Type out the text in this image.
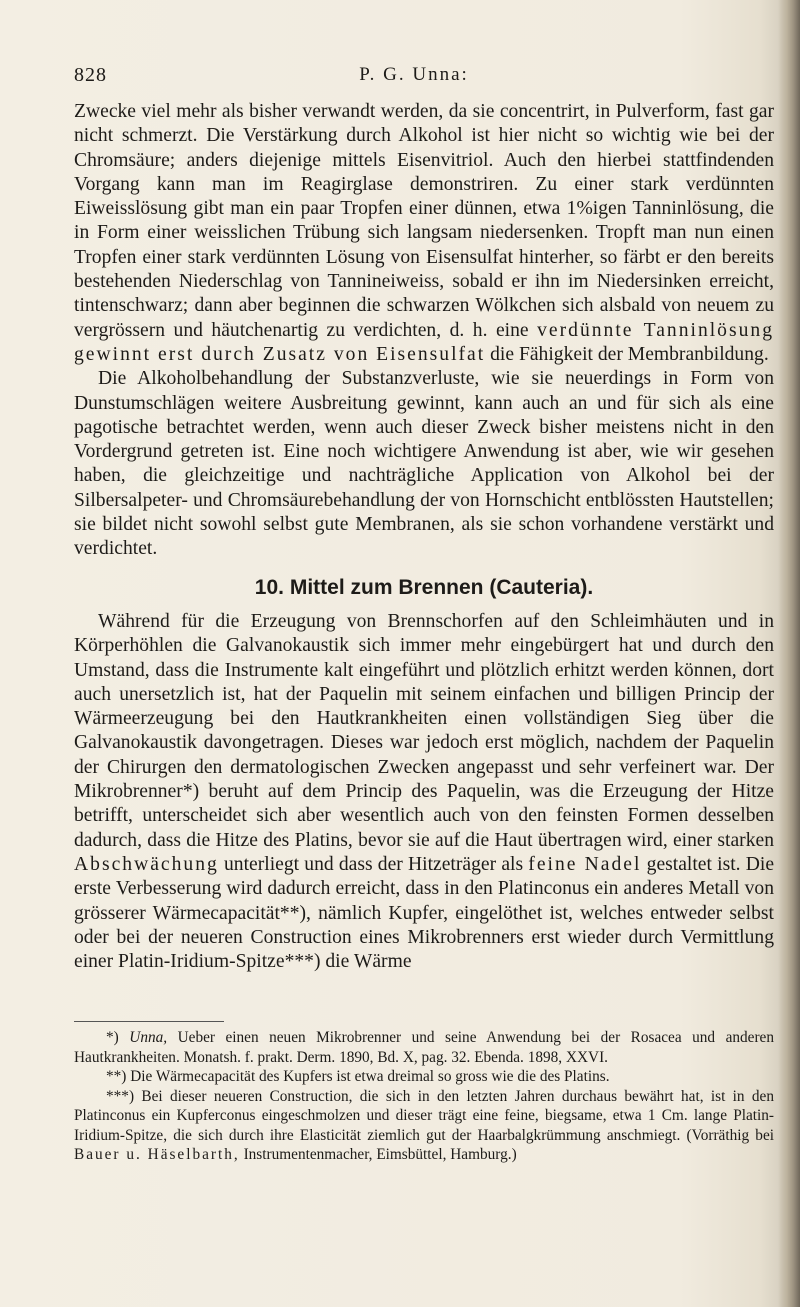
828	P. G. Unna:

Zwecke viel mehr als bisher verwandt werden, da sie concentrirt, in Pulverform, fast gar nicht schmerzt. Die Verstärkung durch Alkohol ist hier nicht so wichtig wie bei der Chromsäure; anders diejenige mittels Eisenvitriol. Auch den hierbei stattfindenden Vorgang kann man im Reagirglase demonstriren. Zu einer stark verdünnten Eiweisslösung gibt man ein paar Tropfen einer dünnen, etwa 1%igen Tanninlösung, die in Form einer weisslichen Trübung sich langsam niedersenken. Tropft man nun einen Tropfen einer stark verdünnten Lösung von Eisensulfat hinterher, so färbt er den bereits bestehenden Niederschlag von Tannineiweiss, sobald er ihn im Niedersinken erreicht, tintenschwarz; dann aber beginnen die schwarzen Wölkchen sich alsbald von neuem zu vergrössern und häutchenartig zu verdichten, d. h. eine verdünnte Tanninlösung gewinnt erst durch Zusatz von Eisensulfat die Fähigkeit der Membranbildung.

Die Alkoholbehandlung der Substanzverluste, wie sie neuerdings in Form von Dunstumschlägen weitere Ausbreitung gewinnt, kann auch an und für sich als eine pagotische betrachtet werden, wenn auch dieser Zweck bisher meistens nicht in den Vordergrund getreten ist. Eine noch wichtigere Anwendung ist aber, wie wir gesehen haben, die gleichzeitige und nachträgliche Application von Alkohol bei der Silbersalpeter- und Chromsäurebehandlung der von Hornschicht entblössten Hautstellen; sie bildet nicht sowohl selbst gute Membranen, als sie schon vorhandene verstärkt und verdichtet.

10. Mittel zum Brennen (Cauteria).

Während für die Erzeugung von Brennschorfen auf den Schleimhäuten und in Körperhöhlen die Galvanokaustik sich immer mehr eingebürgert hat und durch den Umstand, dass die Instrumente kalt eingeführt und plötzlich erhitzt werden können, dort auch unersetzlich ist, hat der Paquelin mit seinem einfachen und billigen Princip der Wärmeerzeugung bei den Hautkrankheiten einen vollständigen Sieg über die Galvanokaustik davongetragen. Dieses war jedoch erst möglich, nachdem der Paquelin der Chirurgen den dermatologischen Zwecken angepasst und sehr verfeinert war. Der Mikrobrenner*) beruht auf dem Princip des Paquelin, was die Erzeugung der Hitze betrifft, unterscheidet sich aber wesentlich auch von den feinsten Formen desselben dadurch, dass die Hitze des Platins, bevor sie auf die Haut übertragen wird, einer starken Abschwächung unterliegt und dass der Hitzeträger als feine Nadel gestaltet ist. Die erste Verbesserung wird dadurch erreicht, dass in den Platinconus ein anderes Metall von grösserer Wärmecapacität**), nämlich Kupfer, eingelöthet ist, welches entweder selbst oder bei der neueren Construction eines Mikrobrenners erst wieder durch Vermittlung einer Platin-Iridium-Spitze***) die Wärme

*) Unna, Ueber einen neuen Mikrobrenner und seine Anwendung bei der Rosacea und anderen Hautkrankheiten. Monatsh. f. prakt. Derm. 1890, Bd. X, pag. 32. Ebenda. 1898, XXVI.

**) Die Wärmecapacität des Kupfers ist etwa dreimal so gross wie die des Platins.

***) Bei dieser neueren Construction, die sich in den letzten Jahren durchaus bewährt hat, ist in den Platinconus ein Kupferconus eingeschmolzen und dieser trägt eine feine, biegsame, etwa 1 Cm. lange Platin-Iridium-Spitze, die sich durch ihre Elasticität ziemlich gut der Haarbalgkrümmung anschmiegt. (Vorräthig bei Bauer u. Häselbarth, Instrumentenmacher, Eimsbüttel, Hamburg.)
